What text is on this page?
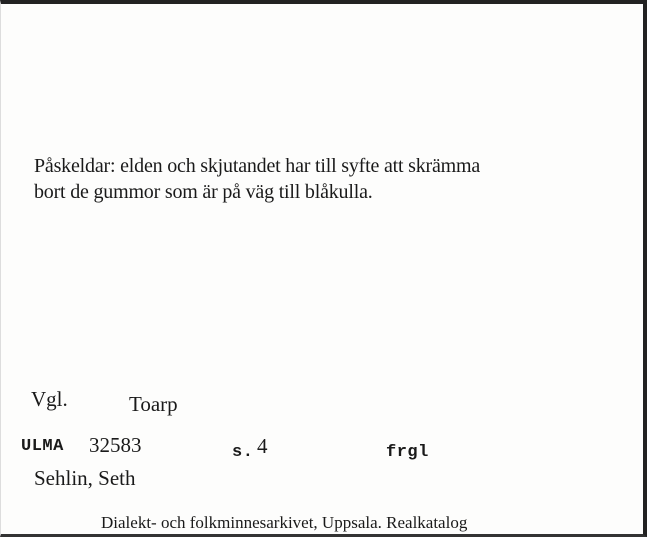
Påskeldar: elden och skjutandet har till syfte att skrämma
bort de gummor som är på väg till blåkulla.
Vgl.	Toarp
ULMA 32583	s. 4	frgl
Sehlin, Seth
Dialekt- och folkminnesarkivet, Uppsala. Realkatalog
